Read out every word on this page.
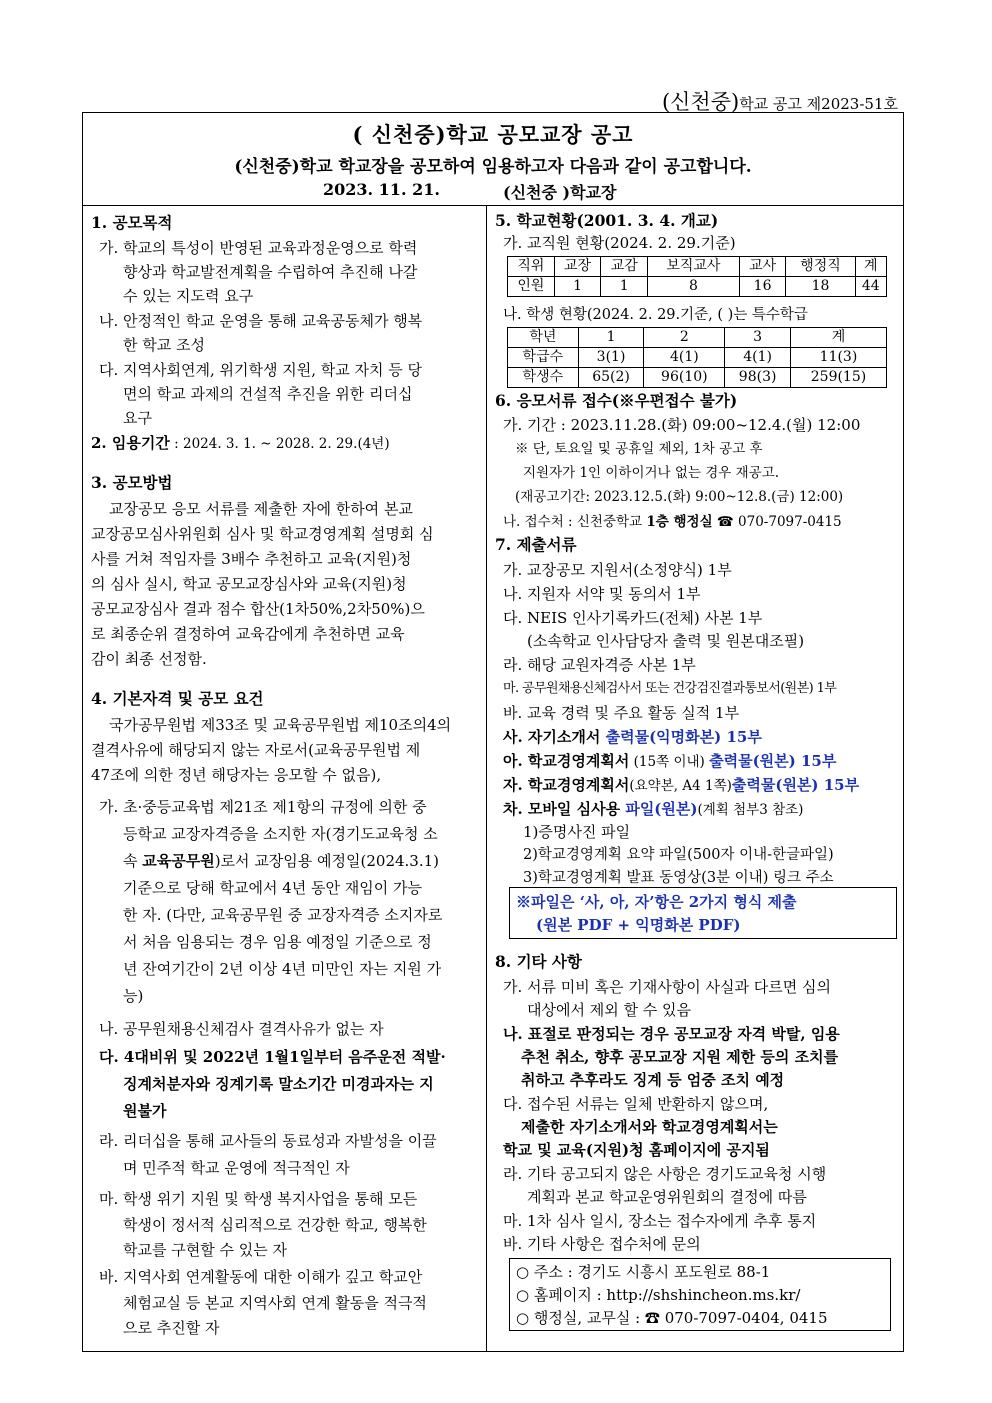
(신천중)학교 공고 제2023-51호
( 신천중)학교 공모교장 공고
(신천중)학교 학교장을 공모하여 임용하고자 다음과 같이 공고합니다.
2023. 11. 21.	(신천중 )학교장
1. 공모목적
가. 학교의 특성이 반영된 교육과정운영으로 학력
향상과 학교발전계획을 수립하여 추진해 나갈
수 있는 지도력 요구
나. 안정적인 학교 운영을 통해 교육공동체가 행복
한 학교 조성
다. 지역사회연계, 위기학생 지원, 학교 자치 등 당
면의 학교 과제의 건설적 추진을 위한 리더십
요구
2. 임용기간 : 2024. 3. 1. ~ 2028. 2. 29.(4년)
3. 공모방법
교장공모 응모 서류를 제출한 자에 한하여 본교
교장공모심사위원회 심사 및 학교경영계획 설명회 심
사를 거쳐 적임자를 3배수 추천하고 교육(지원)청
의 심사 실시, 학교 공모교장심사와 교육(지원)청
공모교장심사 결과 점수 합산(1차50%,2차50%)으
로 최종순위 결정하여 교육감에게 추천하면 교육
감이 최종 선정함.
4. 기본자격 및 공모 요건
국가공무원법 제33조 및 교육공무원법 제10조의4의
결격사유에 해당되지 않는 자로서(교육공무원법 제
47조에 의한 정년 해당자는 응모할 수 없음),
가. 초·중등교육법 제21조 제1항의 규정에 의한 중
등학교 교장자격증을 소지한 자(경기도교육청 소
속 교육공무원)로서 교장임용 예정일(2024.3.1)
기준으로 당해 학교에서 4년 동안 재임이 가능
한 자. (다만, 교육공무원 중 교장자격증 소지자로
서 처음 임용되는 경우 임용 예정일 기준으로 정
년 잔여기간이 2년 이상 4년 미만인 자는 지원 가
능)
나. 공무원채용신체검사 결격사유가 없는 자
다. 4대비위 및 2022년 1월1일부터 음주운전 적발·
징계처분자와 징계기록 말소기간 미경과자는 지
원불가
라. 리더십을 통해 교사들의 동료성과 자발성을 이끌
며 민주적 학교 운영에 적극적인 자
마. 학생 위기 지원 및 학생 복지사업을 통해 모든
학생이 정서적 심리적으로 건강한 학교, 행복한
학교를 구현할 수 있는 자
바. 지역사회 연계활동에 대한 이해가 깊고 학교안
체험교실 등 본교 지역사회 연계 활동을 적극적
으로 추진할 자
5. 학교현황(2001. 3. 4. 개교)
가. 교직원 현황(2024. 2. 29.기준)
직위	교장	교감	보직교사	교사	행정직	계
인원	1	1	8	16	18	44
나. 학생 현황(2024. 2. 29.기준, ( )는 특수학급
학년	1	2	3	계
학급수	3(1)	4(1)	4(1)	11(3)
학생수	65(2)	96(10)	98(3)	259(15)
6. 응모서류 접수(※우편접수 불가)
가. 기간 : 2023.11.28.(화) 09:00~12.4.(월) 12:00
※ 단, 토요일 및 공휴일 제외, 1차 공고 후
지원자가 1인 이하이거나 없는 경우 재공고.
(재공고기간: 2023.12.5.(화) 9:00~12.8.(금) 12:00)
나. 접수처 : 신천중학교 1층 행정실 ☎ 070-7097-0415
7. 제출서류
가. 교장공모 지원서(소정양식) 1부
나. 지원자 서약 및 동의서 1부
다. NEIS 인사기록카드(전체) 사본 1부
(소속학교 인사담당자 출력 및 원본대조필)
라. 해당 교원자격증 사본 1부
마. 공무원채용신체검사서 또는 건강검진결과통보서(원본) 1부
바. 교육 경력 및 주요 활동 실적 1부
사. 자기소개서 출력물(익명화본) 15부
아. 학교경영계획서 (15쪽 이내) 출력물(원본) 15부
자. 학교경영계획서(요약본, A4 1쪽)출력물(원본) 15부
차. 모바일 심사용 파일(원본)(계획 첨부3 참조)
1)증명사진 파일
2)학교경영계획 요약 파일(500자 이내-한글파일)
3)학교경영계획 발표 동영상(3분 이내) 링크 주소
※파일은 ‘사, 아, 자’항은 2가지 형식 제출
(원본 PDF + 익명화본 PDF)
8. 기타 사항
가. 서류 미비 혹은 기재사항이 사실과 다르면 심의
대상에서 제외 할 수 있음
나. 표절로 판정되는 경우 공모교장 자격 박탈, 임용
추천 취소, 향후 공모교장 지원 제한 등의 조치를
취하고 추후라도 징계 등 엄중 조치 예정
다. 접수된 서류는 일체 반환하지 않으며,
제출한 자기소개서와 학교경영계획서는
학교 및 교육(지원)청 홈페이지에 공지됨
라. 기타 공고되지 않은 사항은 경기도교육청 시행
계획과 본교 학교운영위원회의 결정에 따름
마. 1차 심사 일시, 장소는 접수자에게 추후 통지
바. 기타 사항은 접수처에 문의
○ 주소 : 경기도 시흥시 포도원로 88-1
○ 홈페이지 : http://shshincheon.ms.kr/
○ 행정실, 교무실 : ☎ 070-7097-0404, 0415
